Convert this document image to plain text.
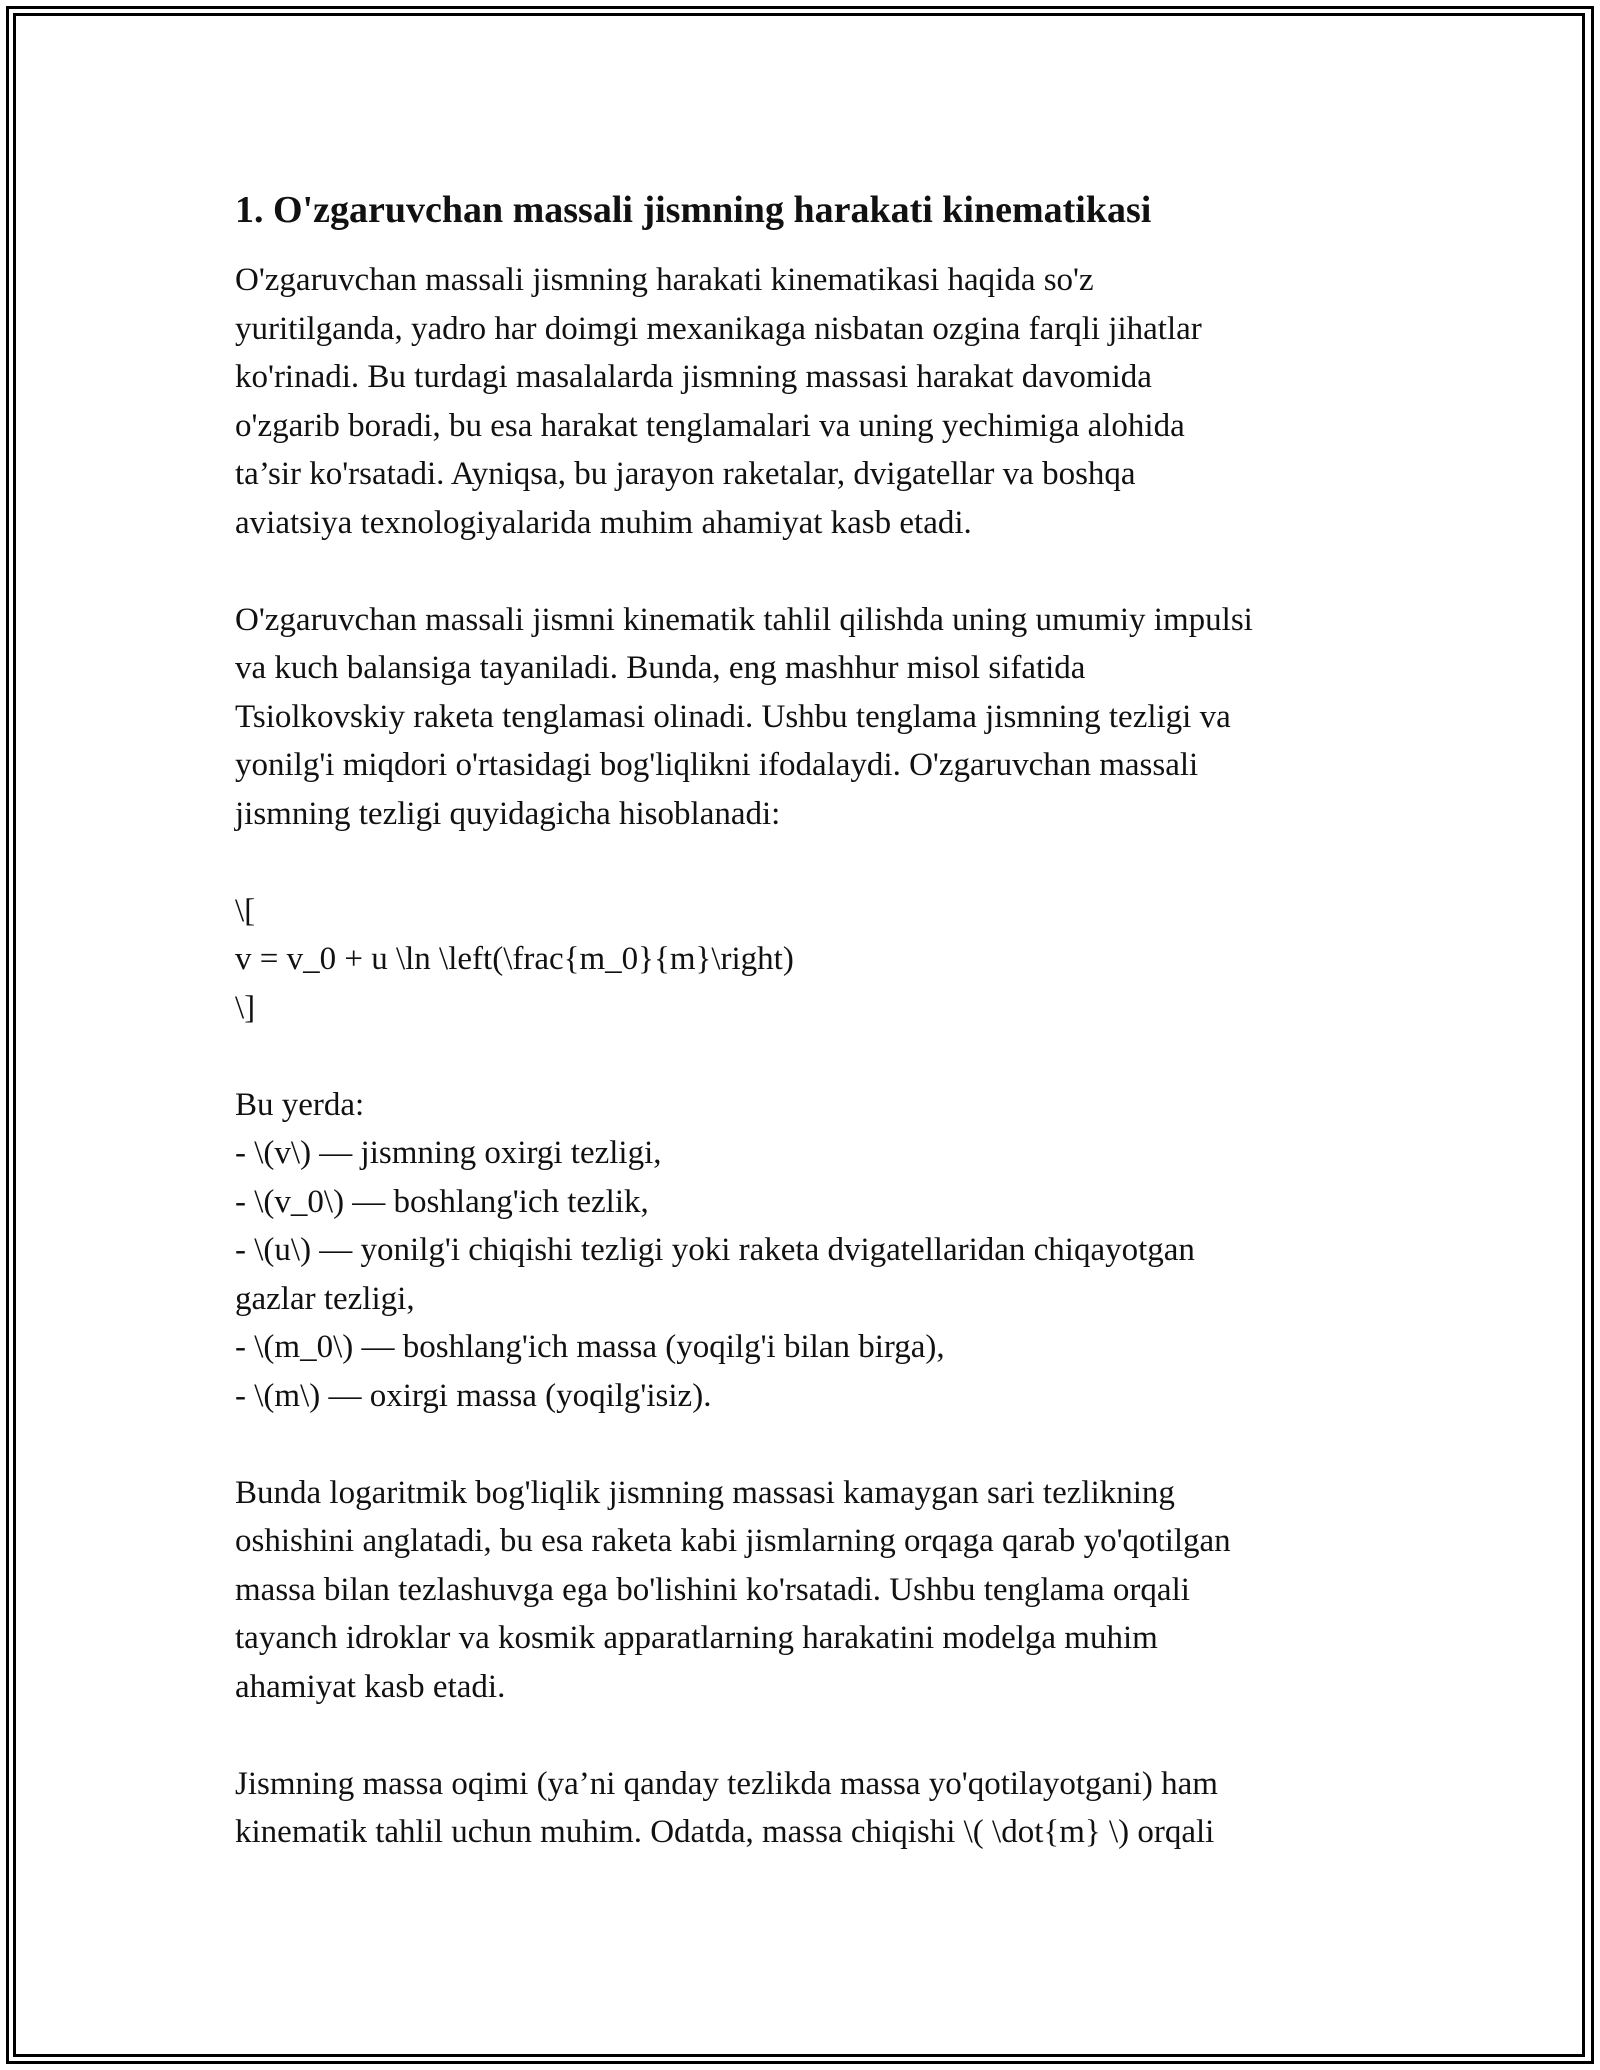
1. O'zgaruvchan massali jismning harakati kinematikasi

O'zgaruvchan massali jismning harakati kinematikasi haqida so'z
yuritilganda, yadro har doimgi mexanikaga nisbatan ozgina farqli jihatlar
ko'rinadi. Bu turdagi masalalarda jismning massasi harakat davomida
o'zgarib boradi, bu esa harakat tenglamalari va uning yechimiga alohida
ta’sir ko'rsatadi. Ayniqsa, bu jarayon raketalar, dvigatellar va boshqa
aviatsiya texnologiyalarida muhim ahamiyat kasb etadi.

O'zgaruvchan massali jismni kinematik tahlil qilishda uning umumiy impulsi
va kuch balansiga tayaniladi. Bunda, eng mashhur misol sifatida
Tsiolkovskiy raketa tenglamasi olinadi. Ushbu tenglama jismning tezligi va
yonilg'i miqdori o'rtasidagi bog'liqlikni ifodalaydi. O'zgaruvchan massali
jismning tezligi quyidagicha hisoblanadi:

\[
v = v_0 + u \ln \left(\frac{m_0}{m}\right)
\]

Bu yerda:
- \(v\) — jismning oxirgi tezligi,
- \(v_0\) — boshlang'ich tezlik,
- \(u\) — yonilg'i chiqishi tezligi yoki raketa dvigatellaridan chiqayotgan
gazlar tezligi,
- \(m_0\) — boshlang'ich massa (yoqilg'i bilan birga),
- \(m\) — oxirgi massa (yoqilg'isiz).

Bunda logaritmik bog'liqlik jismning massasi kamaygan sari tezlikning
oshishini anglatadi, bu esa raketa kabi jismlarning orqaga qarab yo'qotilgan
massa bilan tezlashuvga ega bo'lishini ko'rsatadi. Ushbu tenglama orqali
tayanch idroklar va kosmik apparatlarning harakatini modelga muhim
ahamiyat kasb etadi.

Jismning massa oqimi (ya’ni qanday tezlikda massa yo'qotilayotgani) ham
kinematik tahlil uchun muhim. Odatda, massa chiqishi \( \dot{m} \) orqali
